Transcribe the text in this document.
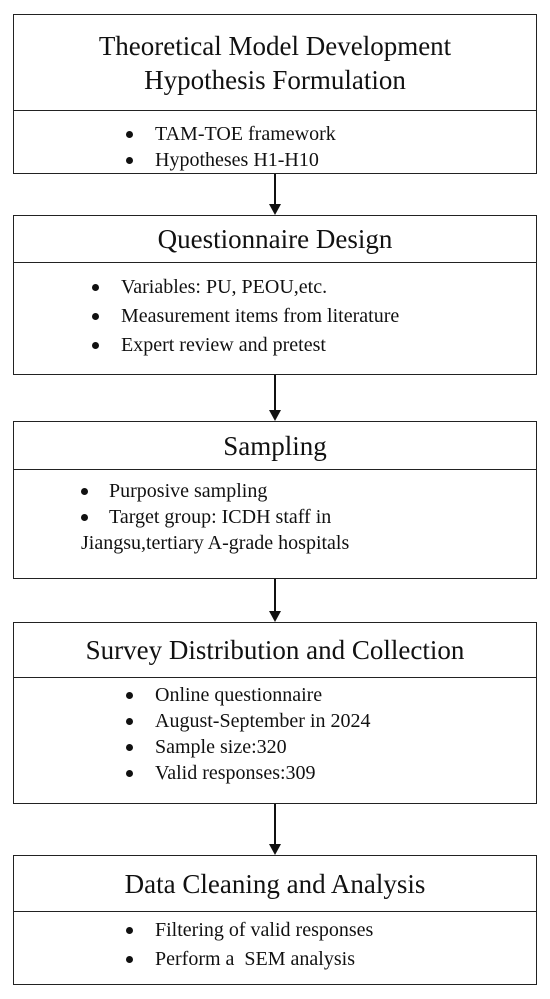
Theoretical Model Development
Hypothesis Formulation
TAM-TOE framework
Hypotheses H1-H10
Questionnaire Design
Variables: PU, PEOU,etc.
Measurement items from literature
Expert review and pretest
Sampling
Purposive sampling
Target group: ICDH staff in
Jiangsu,tertiary A-grade hospitals
Survey Distribution and Collection
Online questionnaire
August-September in 2024
Sample size:320
Valid responses:309
Data Cleaning and Analysis
Filtering of valid responses
Perform a  SEM analysis
